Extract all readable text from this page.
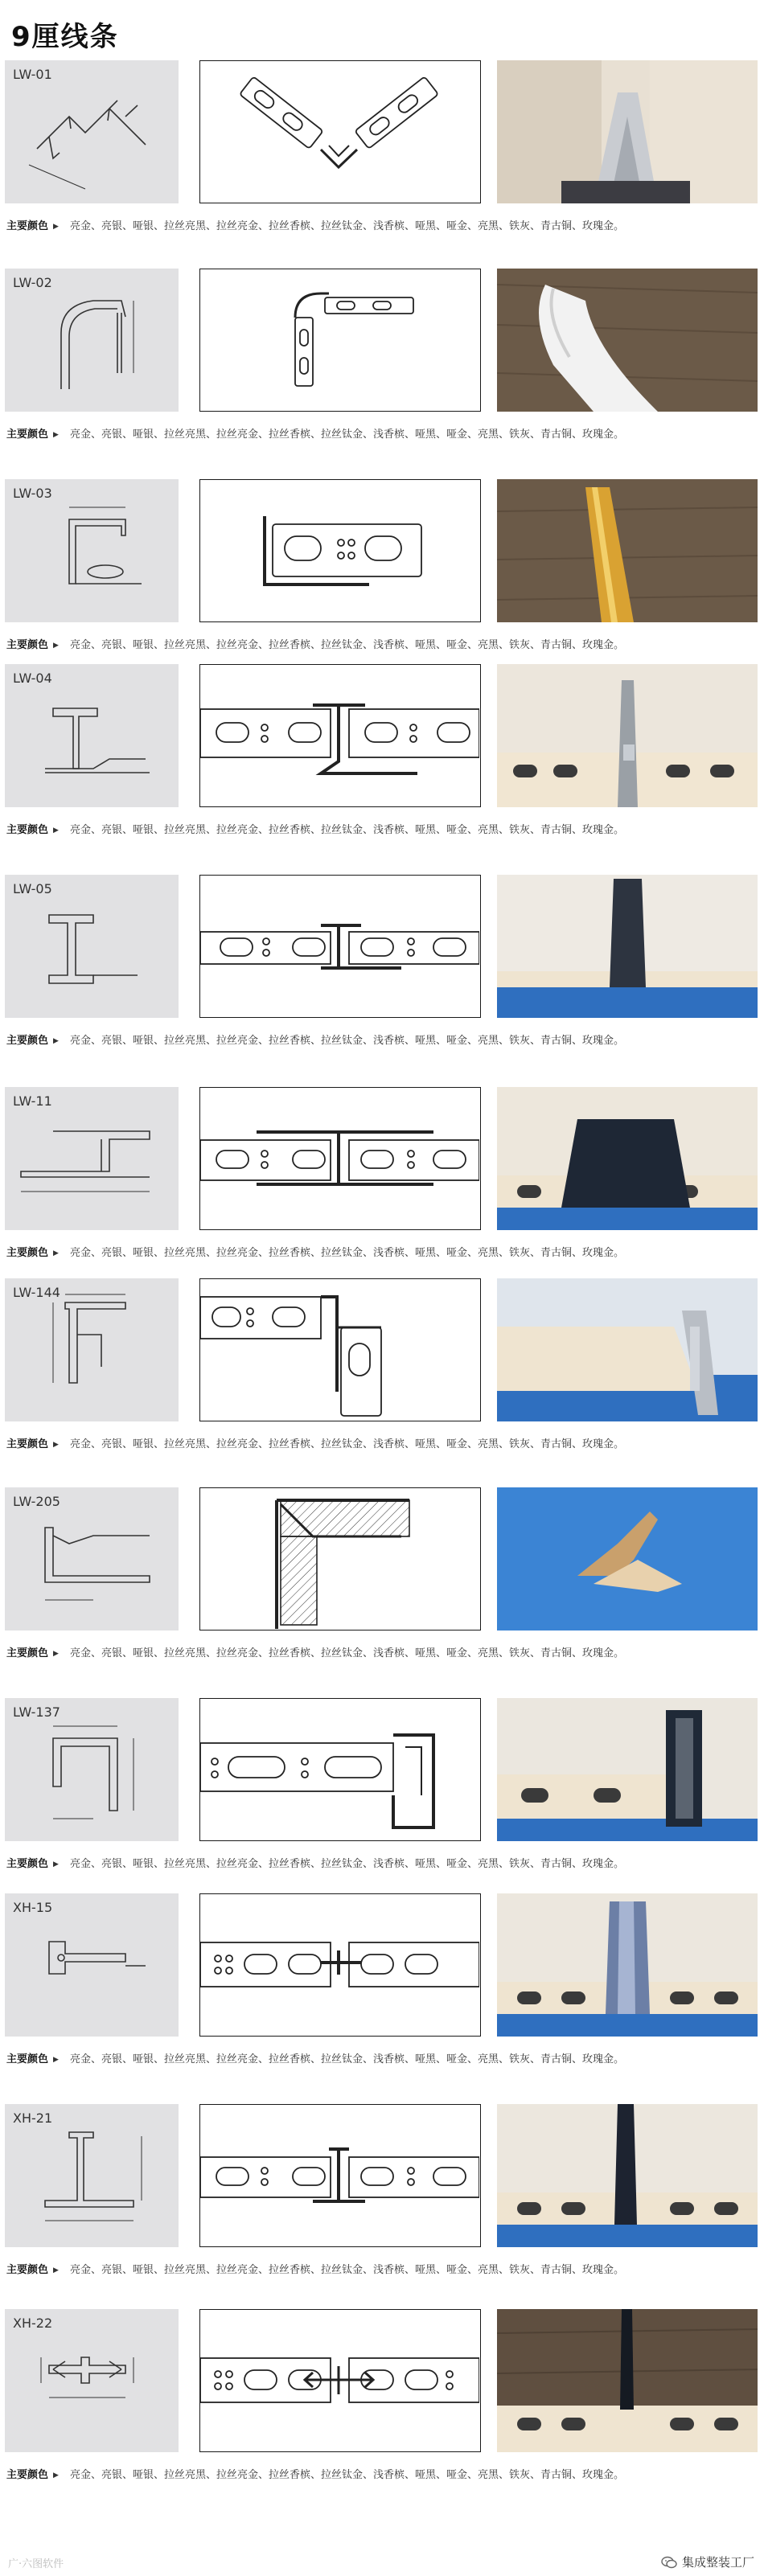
9厘线条
LW-01
主要颜色 ▶ 亮金、亮银、哑银、拉丝亮黑、拉丝亮金、拉丝香槟、拉丝钛金、浅香槟、哑黑、哑金、亮黑、铁灰、青古铜、玫瑰金。
LW-02
主要颜色 ▶ 亮金、亮银、哑银、拉丝亮黑、拉丝亮金、拉丝香槟、拉丝钛金、浅香槟、哑黑、哑金、亮黑、铁灰、青古铜、玫瑰金。
LW-03
主要颜色 ▶ 亮金、亮银、哑银、拉丝亮黑、拉丝亮金、拉丝香槟、拉丝钛金、浅香槟、哑黑、哑金、亮黑、铁灰、青古铜、玫瑰金。
LW-04
主要颜色 ▶ 亮金、亮银、哑银、拉丝亮黑、拉丝亮金、拉丝香槟、拉丝钛金、浅香槟、哑黑、哑金、亮黑、铁灰、青古铜、玫瑰金。
LW-05
主要颜色 ▶ 亮金、亮银、哑银、拉丝亮黑、拉丝亮金、拉丝香槟、拉丝钛金、浅香槟、哑黑、哑金、亮黑、铁灰、青古铜、玫瑰金。
LW-11
主要颜色 ▶ 亮金、亮银、哑银、拉丝亮黑、拉丝亮金、拉丝香槟、拉丝钛金、浅香槟、哑黑、哑金、亮黑、铁灰、青古铜、玫瑰金。
LW-144
主要颜色 ▶ 亮金、亮银、哑银、拉丝亮黑、拉丝亮金、拉丝香槟、拉丝钛金、浅香槟、哑黑、哑金、亮黑、铁灰、青古铜、玫瑰金。
LW-205
主要颜色 ▶ 亮金、亮银、哑银、拉丝亮黑、拉丝亮金、拉丝香槟、拉丝钛金、浅香槟、哑黑、哑金、亮黑、铁灰、青古铜、玫瑰金。
LW-137
主要颜色 ▶ 亮金、亮银、哑银、拉丝亮黑、拉丝亮金、拉丝香槟、拉丝钛金、浅香槟、哑黑、哑金、亮黑、铁灰、青古铜、玫瑰金。
XH-15
主要颜色 ▶ 亮金、亮银、哑银、拉丝亮黑、拉丝亮金、拉丝香槟、拉丝钛金、浅香槟、哑黑、哑金、亮黑、铁灰、青古铜、玫瑰金。
XH-21
主要颜色 ▶ 亮金、亮银、哑银、拉丝亮黑、拉丝亮金、拉丝香槟、拉丝钛金、浅香槟、哑黑、哑金、亮黑、铁灰、青古铜、玫瑰金。
XH-22
主要颜色 ▶ 亮金、亮银、哑银、拉丝亮黑、拉丝亮金、拉丝香槟、拉丝钛金、浅香槟、哑黑、哑金、亮黑、铁灰、青古铜、玫瑰金。
广·六图软件	集成整装工厂
